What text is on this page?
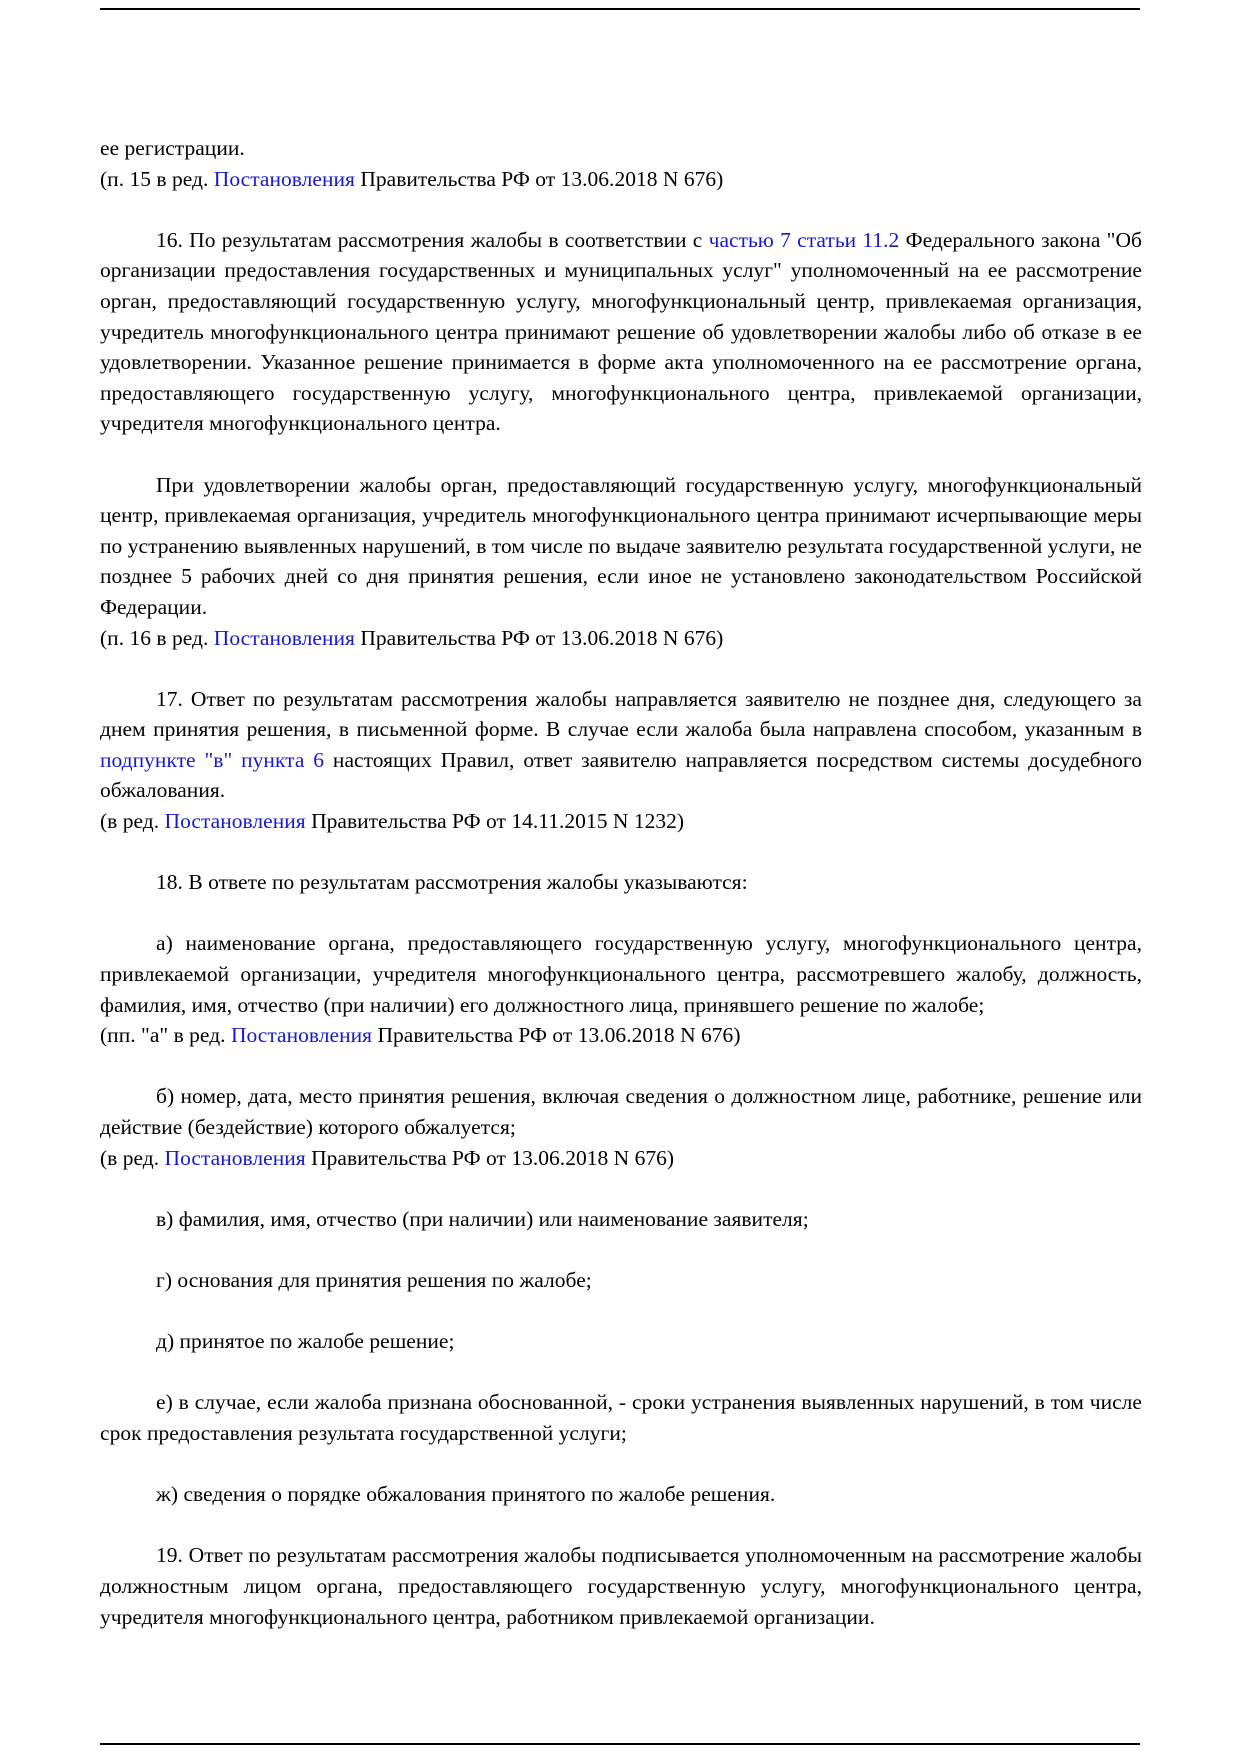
ее регистрации.

(п. 15 в ред. Постановления Правительства РФ от 13.06.2018 N 676)

16. По результатам рассмотрения жалобы в соответствии с частью 7 статьи 11.2 Федерального закона "Об организации предоставления государственных и муниципальных услуг" уполномоченный на ее рассмотрение орган, предоставляющий государственную услугу, многофункциональный центр, привлекаемая организация, учредитель многофункционального центра принимают решение об удовлетворении жалобы либо об отказе в ее удовлетворении. Указанное решение принимается в форме акта уполномоченного на ее рассмотрение органа, предоставляющего государственную услугу, многофункционального центра, привлекаемой организации, учредителя многофункционального центра.

При удовлетворении жалобы орган, предоставляющий государственную услугу, многофункциональный центр, привлекаемая организация, учредитель многофункционального центра принимают исчерпывающие меры по устранению выявленных нарушений, в том числе по выдаче заявителю результата государственной услуги, не позднее 5 рабочих дней со дня принятия решения, если иное не установлено законодательством Российской Федерации.

(п. 16 в ред. Постановления Правительства РФ от 13.06.2018 N 676)

17. Ответ по результатам рассмотрения жалобы направляется заявителю не позднее дня, следующего за днем принятия решения, в письменной форме. В случае если жалоба была направлена способом, указанным в подпункте "в" пункта 6 настоящих Правил, ответ заявителю направляется посредством системы досудебного обжалования.

(в ред. Постановления Правительства РФ от 14.11.2015 N 1232)

18. В ответе по результатам рассмотрения жалобы указываются:

а) наименование органа, предоставляющего государственную услугу, многофункционального центра, привлекаемой организации, учредителя многофункционального центра, рассмотревшего жалобу, должность, фамилия, имя, отчество (при наличии) его должностного лица, принявшего решение по жалобе;

(пп. "а" в ред. Постановления Правительства РФ от 13.06.2018 N 676)

б) номер, дата, место принятия решения, включая сведения о должностном лице, работнике, решение или действие (бездействие) которого обжалуется;

(в ред. Постановления Правительства РФ от 13.06.2018 N 676)

в) фамилия, имя, отчество (при наличии) или наименование заявителя;

г) основания для принятия решения по жалобе;

д) принятое по жалобе решение;

е) в случае, если жалоба признана обоснованной, - сроки устранения выявленных нарушений, в том числе срок предоставления результата государственной услуги;

ж) сведения о порядке обжалования принятого по жалобе решения.

19. Ответ по результатам рассмотрения жалобы подписывается уполномоченным на рассмотрение жалобы должностным лицом органа, предоставляющего государственную услугу, многофункционального центра, учредителя многофункционального центра, работником привлекаемой организации.
